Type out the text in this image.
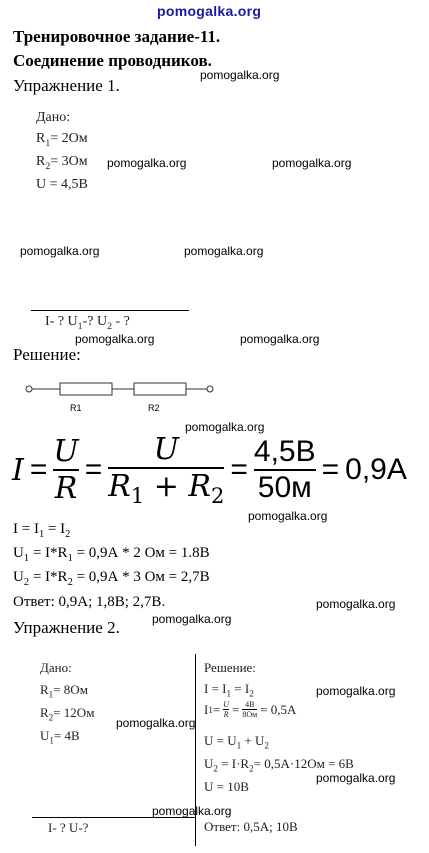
pomogalka.org
Тренировочное задание-11.
Соединение проводников.
pomogalka.org
Упражнение 1.
Дано:
$R_1= 2Ом$
$R_2= 3Ом$ pomogalka.org	pomogalka.org
U = 4,5В
pomogalka.org	pomogalka.org
I- ? $U_1-$? $U_2$ - ?
pomogalka.org	pomogalka.org
Решение:
R1	R2
pomogalka.org
$I = \frac{U}{R} = \frac{U}{R_1 + R_2} = \frac{4,5В}{50м} = 0,9А$
pomogalka.org
$I = I_1 = I_2$
$U_1 = I*R_1 = 0,9А * 2$ Ом = 1.8В
$U_2 = I*R_2 = 0,9А * 3$ Ом = 2,7В
Ответ: 0,9А; 1,8В; 2,7В.	pomogalka.org
pomogalka.org
Упражнение 2.
Дано:
$R_1= 8Ом$
$R_2= 12Ом$
$U_1= 4В$
pomogalka.org
I- ? U-?
pomogalka.org
Решение:
$I = I_1 = I_2$	pomogalka.org
I $1 = \frac{U}{R} = \frac{4В}{8Ом} = 0,5А$
$U = U_1 + U_2$
$U_2 = I\cdot R_2= 0,5А\cdot 12Ом = 6В$
pomogalka.org
U = 10В
Ответ: 0,5А; 10В
